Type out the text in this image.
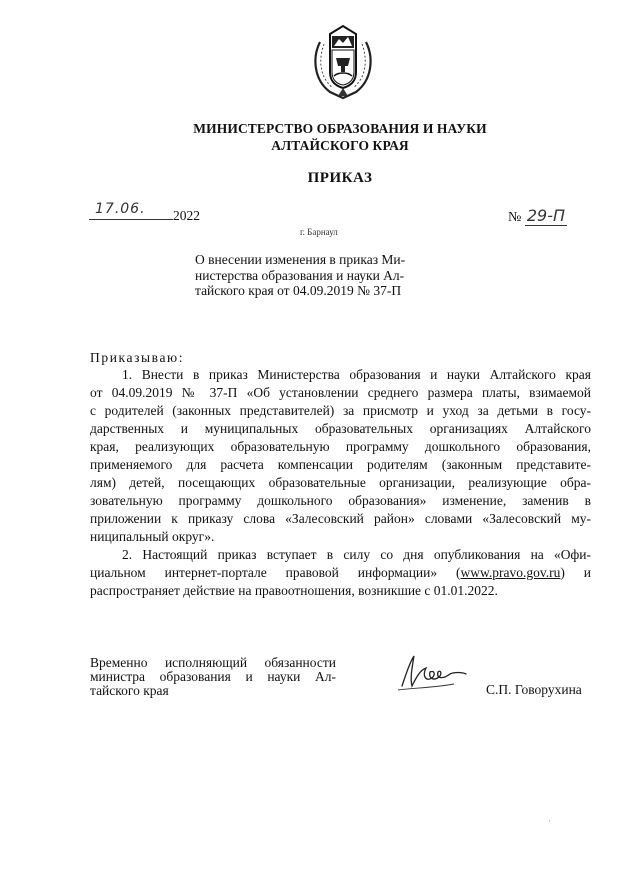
МИНИСТЕРСТВО ОБРАЗОВАНИЯ И НАУКИ
АЛТАЙСКОГО КРАЯ
ПРИКАЗ
2022
17.06.
№ 29-П
г. Барнаул
О внесении изменения в приказ Ми-
нистерства образования и науки Ал-
тайского края от 04.09.2019 № 37-П
Приказываю:

1. Внести в приказ Министерства образования и науки Алтайского края
от 04.09.2019 № 37-П «Об установлении среднего размера платы, взимаемой
с родителей (законных представителей) за присмотр и уход за детьми в госу-
дарственных и муниципальных образовательных организациях Алтайского
края, реализующих образовательную программу дошкольного образования,
применяемого для расчета компенсации родителям (законным представите-
лям) детей, посещающих образовательные организации, реализующие обра-
зовательную программу дошкольного образования» изменение, заменив в
приложении к приказу слова «Залесовский район» словами «Залесовский му-
ниципальный округ».

2. Настоящий приказ вступает в силу со дня опубликования на «Офи-
циальном интернет-портале правовой информации» (www.pravo.gov.ru) и
распространяет действие на правоотношения, возникшие с 01.01.2022.

Временно исполняющий обязанности
министра образования и науки Ал-
тайского края	С.П. Говорухина
·
